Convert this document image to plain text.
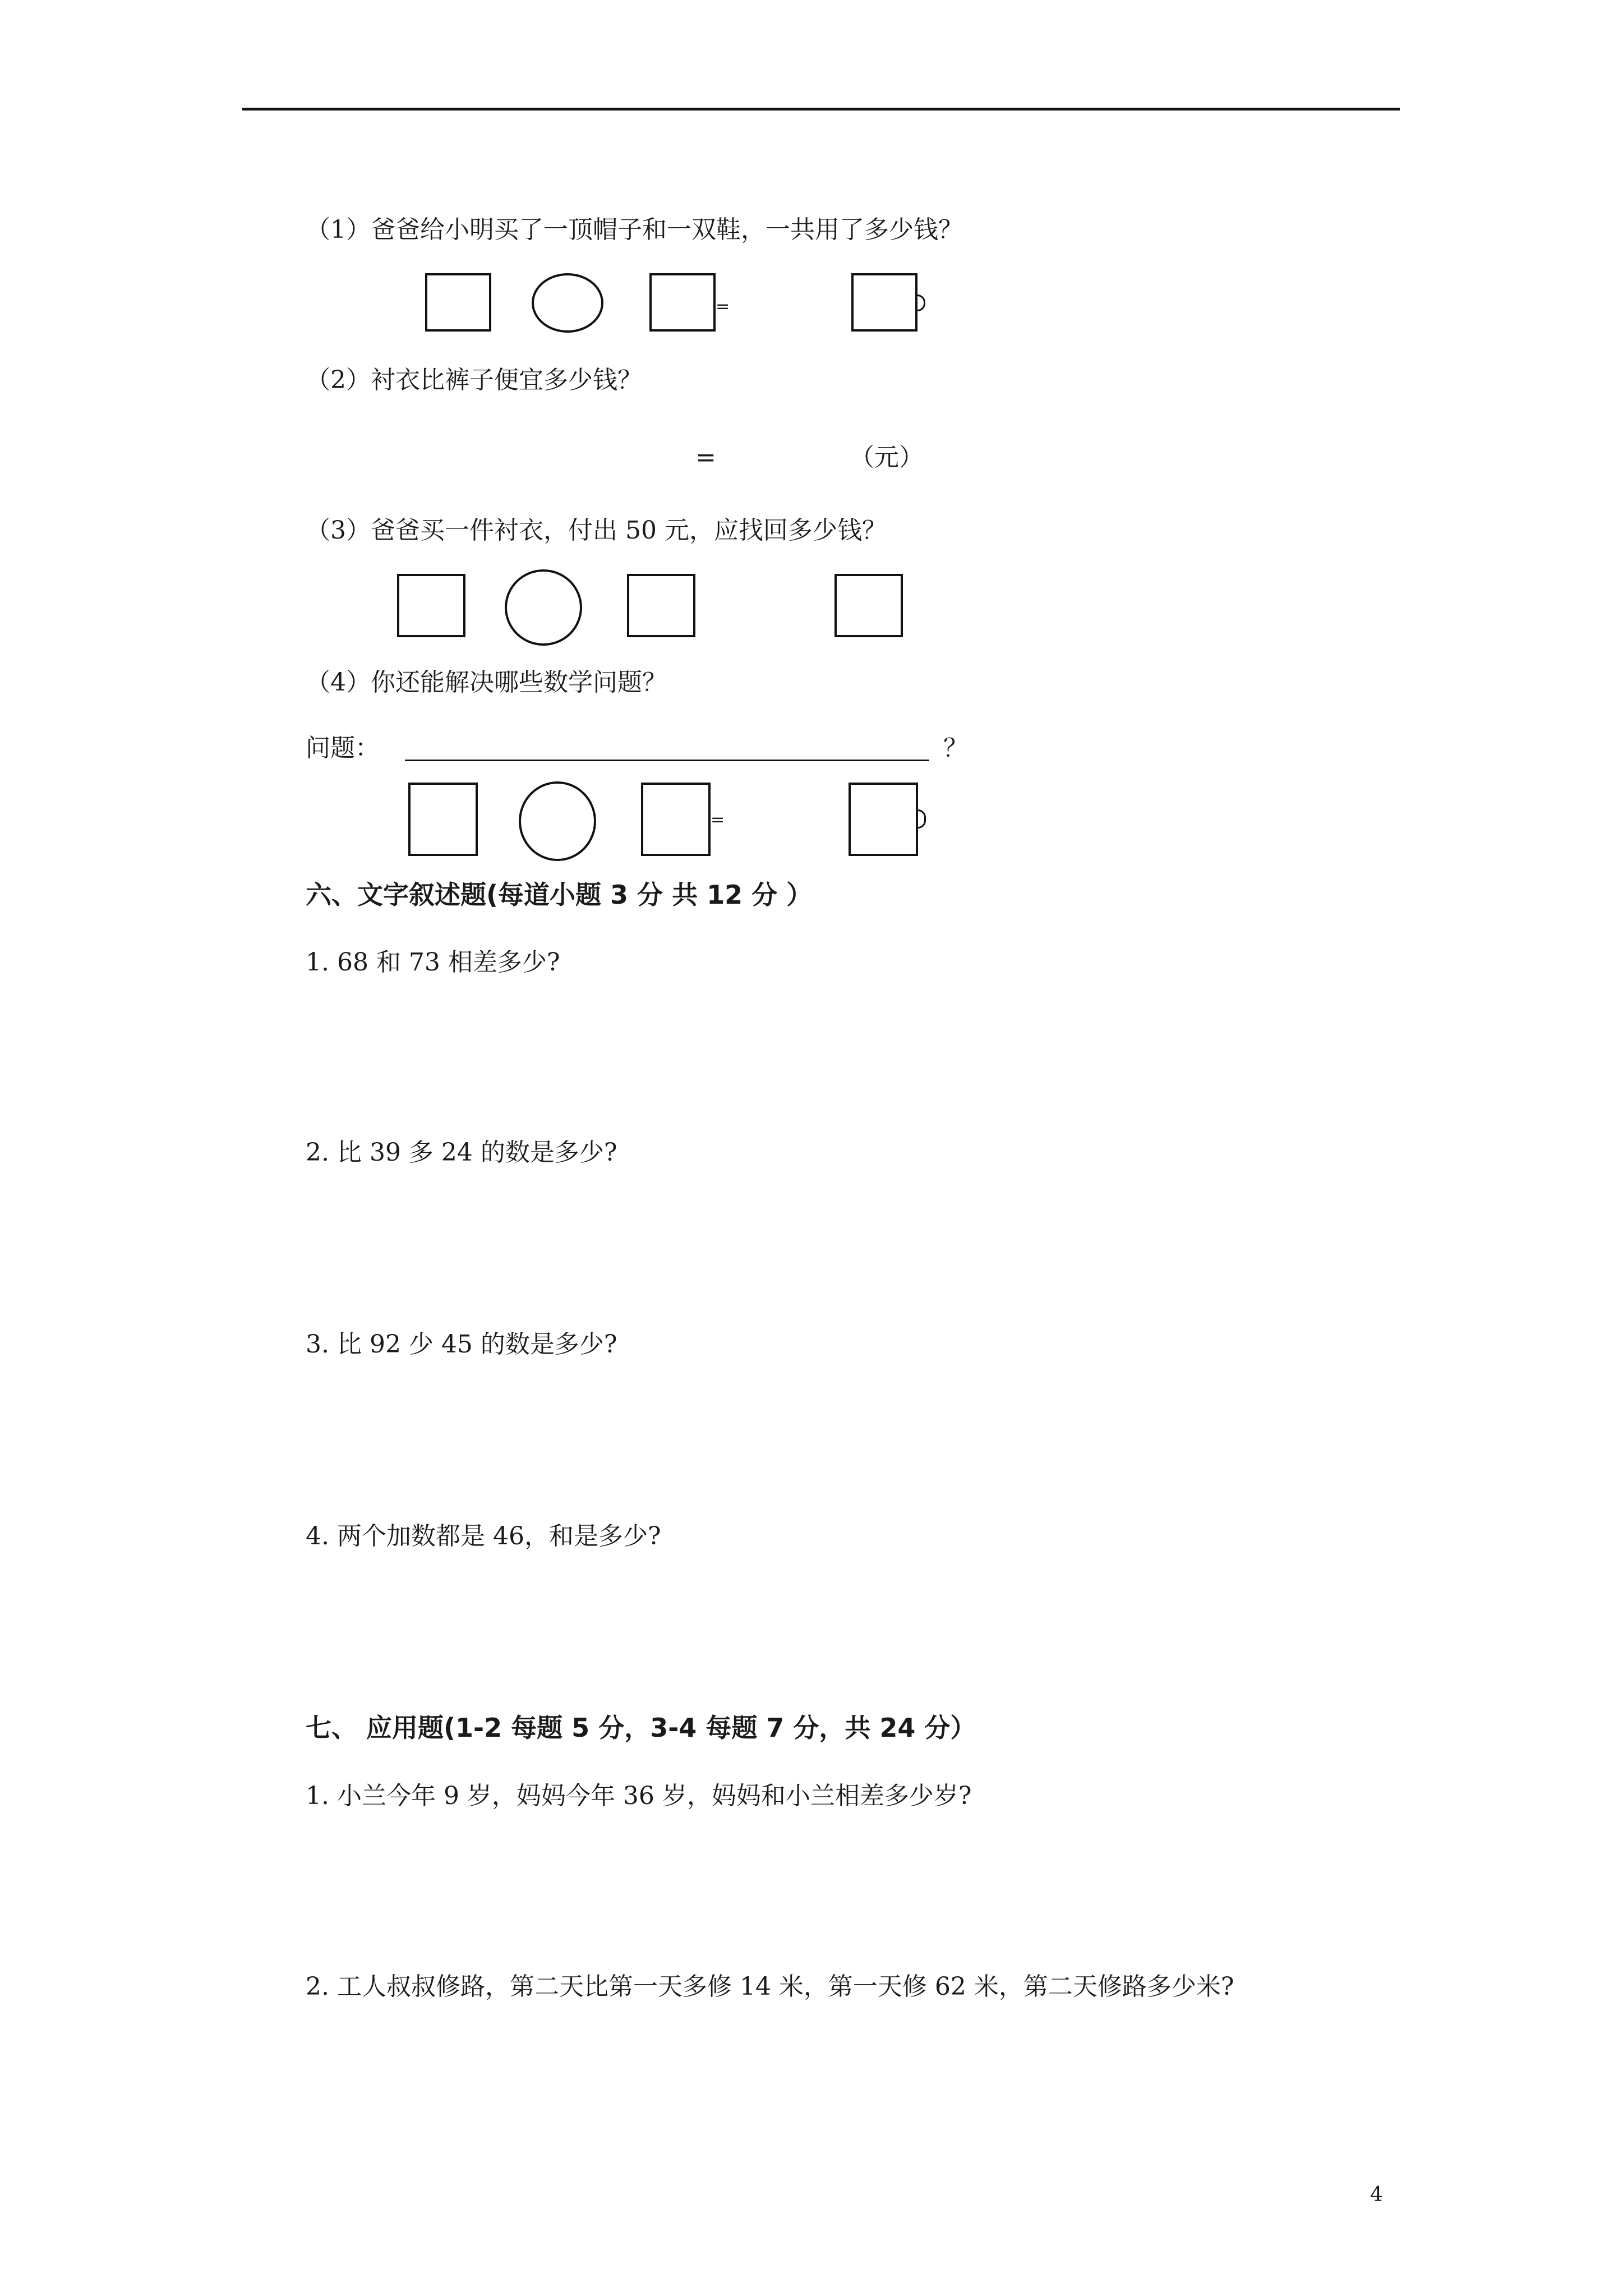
（1）爸爸给小明买了一顶帽子和一双鞋，一共用了多少钱？
=
（2）衬衣比裤子便宜多少钱？
=	（元）
（3）爸爸买一件衬衣，付出 50 元，应找回多少钱？
（4）你还能解决哪些数学问题？
问题：	？
=
六、文字叙述题(每道小题 3 分 共 12 分 ）
1. 68 和 73 相差多少?
2. 比 39 多 24 的数是多少?
3. 比 92 少 45 的数是多少?
4. 两个加数都是 46，和是多少?
七、 应用题(1-2 每题 5 分，3-4 每题 7 分，共 24 分）
1. 小兰今年 9 岁，妈妈今年 36 岁，妈妈和小兰相差多少岁?
2. 工人叔叔修路，第二天比第一天多修 14 米，第一天修 62 米，第二天修路多少米?
4
